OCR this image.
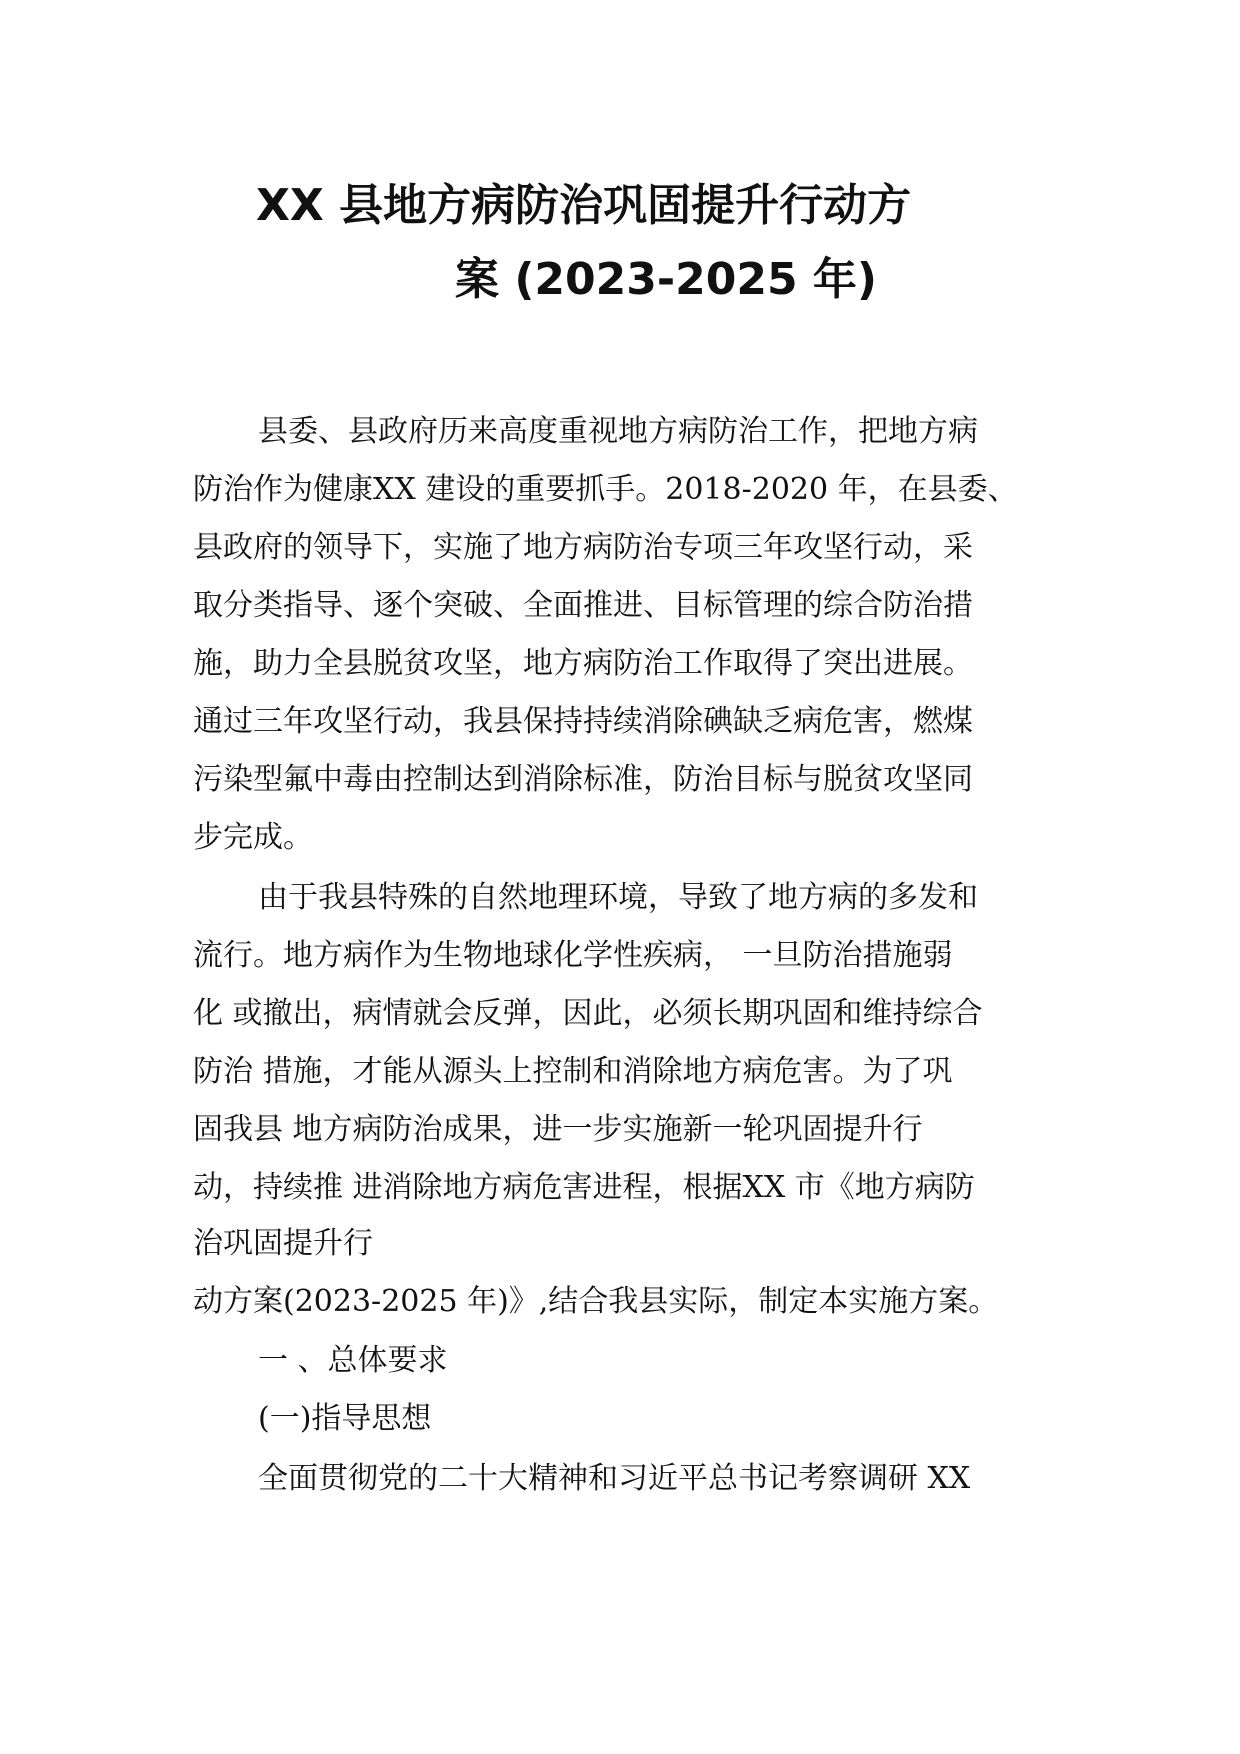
XX 县地方病防治巩固提升行动方
案 (2023-2025 年)

县委、县政府历来高度重视地方病防治工作，把地方病

防治作为健康XX 建设的重要抓手。2018-2020 年，在县委、

县政府的领导下，实施了地方病防治专项三年攻坚行动，采

取分类指导、逐个突破、全面推进、目标管理的综合防治措

施，助力全县脱贫攻坚，地方病防治工作取得了突出进展。

通过三年攻坚行动，我县保持持续消除碘缺乏病危害，燃煤

污染型氟中毒由控制达到消除标准，防治目标与脱贫攻坚同

步完成。

由于我县特殊的自然地理环境，导致了地方病的多发和

流行。地方病作为生物地球化学性疾病， 一旦防治措施弱

化 或撤出，病情就会反弹，因此，必须长期巩固和维持综合

防治 措施，才能从源头上控制和消除地方病危害。为了巩

固我县 地方病防治成果，进一步实施新一轮巩固提升行

动，持续推 进消除地方病危害进程，根据XX 市《地方病防

治巩固提升行

动方案(2023-2025 年)》,结合我县实际，制定本实施方案。

一 、总体要求
(一)指导思想

全面贯彻党的二十大精神和习近平总书记考察调研 XX
